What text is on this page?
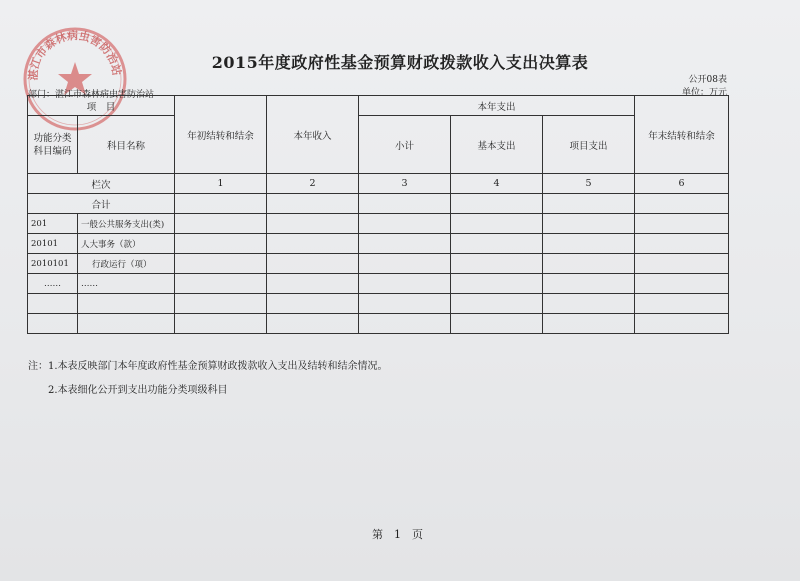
湛江市森林病虫害防治站	2015年度政府性基金预算财政拨款收入支出决算表
公开08表
单位：万元
部门：湛江市森林病虫害防治站
项　目		年初结转和结余	本年收入	本年支出			年末结转和结余
功能分类科目编码	科目名称			小计	基本支出	项目支出	
栏次		1	2	3	4	5	6
合计							
201	一般公共服务支出(类)						
20101	人大事务（款）						
2010101	行政运行（项）						
……	……						

注：1.本表反映部门本年度政府性基金预算财政拨款收入支出及结转和结余情况。
2.本表细化公开到支出功能分类项级科目
第　1　页
